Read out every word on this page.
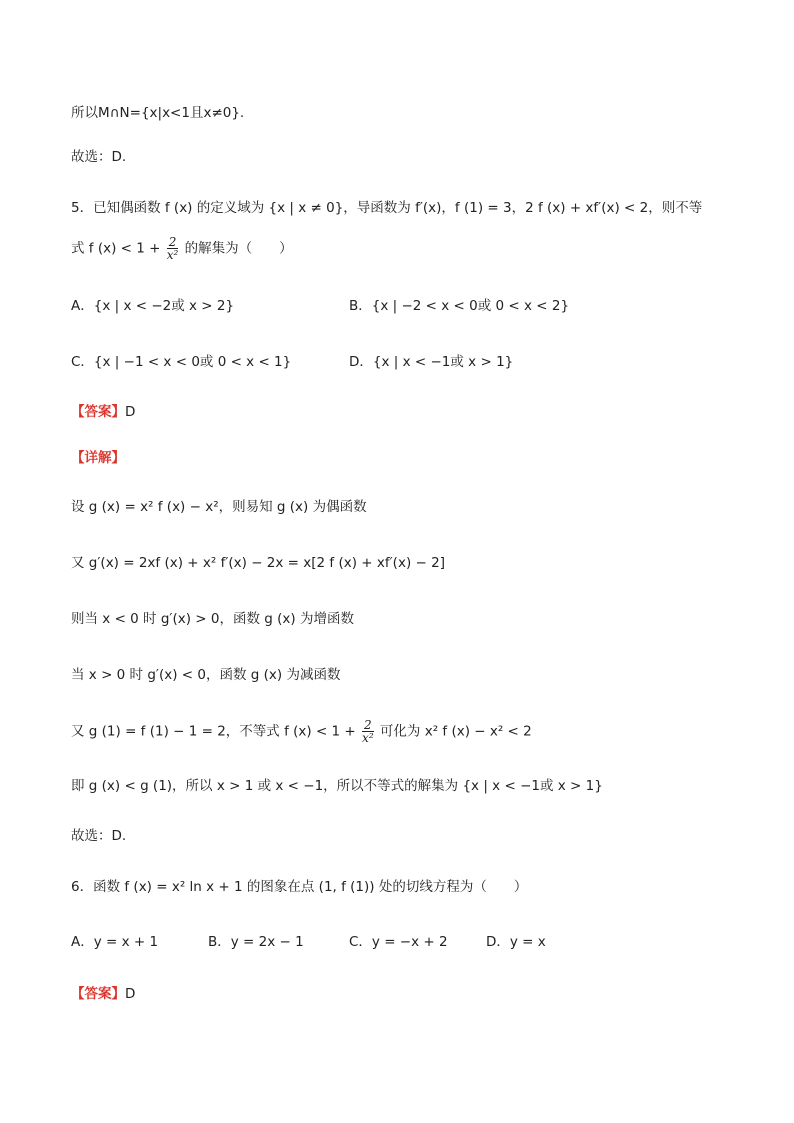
所以M∩N={x|x<1且x≠0}.
故选：D.
5．已知偶函数 f (x) 的定义域为 {x | x ≠ 0}，导函数为 f′(x)，f (1) = 3，2 f (x) + xf′(x) < 2，则不等
式 f $(x) < 1 + \frac{2}{\text{x²}}$ 的解集为（　　）
A．{x | x < −2或 x > 2}	B．{x | −2 < x < 0或 0 < x < 2}
C．{x | −1 < x < 0或 0 < x < 1}	D．{x | x < −1或 x > 1}
【答案】D
【详解】
设 g (x) = x² f (x) − x²，则易知 g (x) 为偶函数
又 g′(x) = 2xf (x) + x² f′(x) − 2x = x[2 f (x) + xf′(x) − 2]
则当 x < 0 时 g′(x) > 0，函数 g (x) 为增函数
当 x > 0 时 g′(x) < 0，函数 g (x) 为减函数
又 g (1) = f (1) − 1 = 2，不等式 f $(x) < 1 + \frac{2}{\text{x²}}$ 可化为 x² f (x) − x² < 2
即 g (x) < g (1)，所以 x > 1 或 x < −1，所以不等式的解集为 {x | x < −1或 x > 1}
故选：D.
6．函数 f (x) = x² ln x + 1 的图象在点 (1, f (1)) 处的切线方程为（　　）
A．y = x + 1	B．y = 2x − 1	C．y = −x + 2	D．y = x
【答案】D
